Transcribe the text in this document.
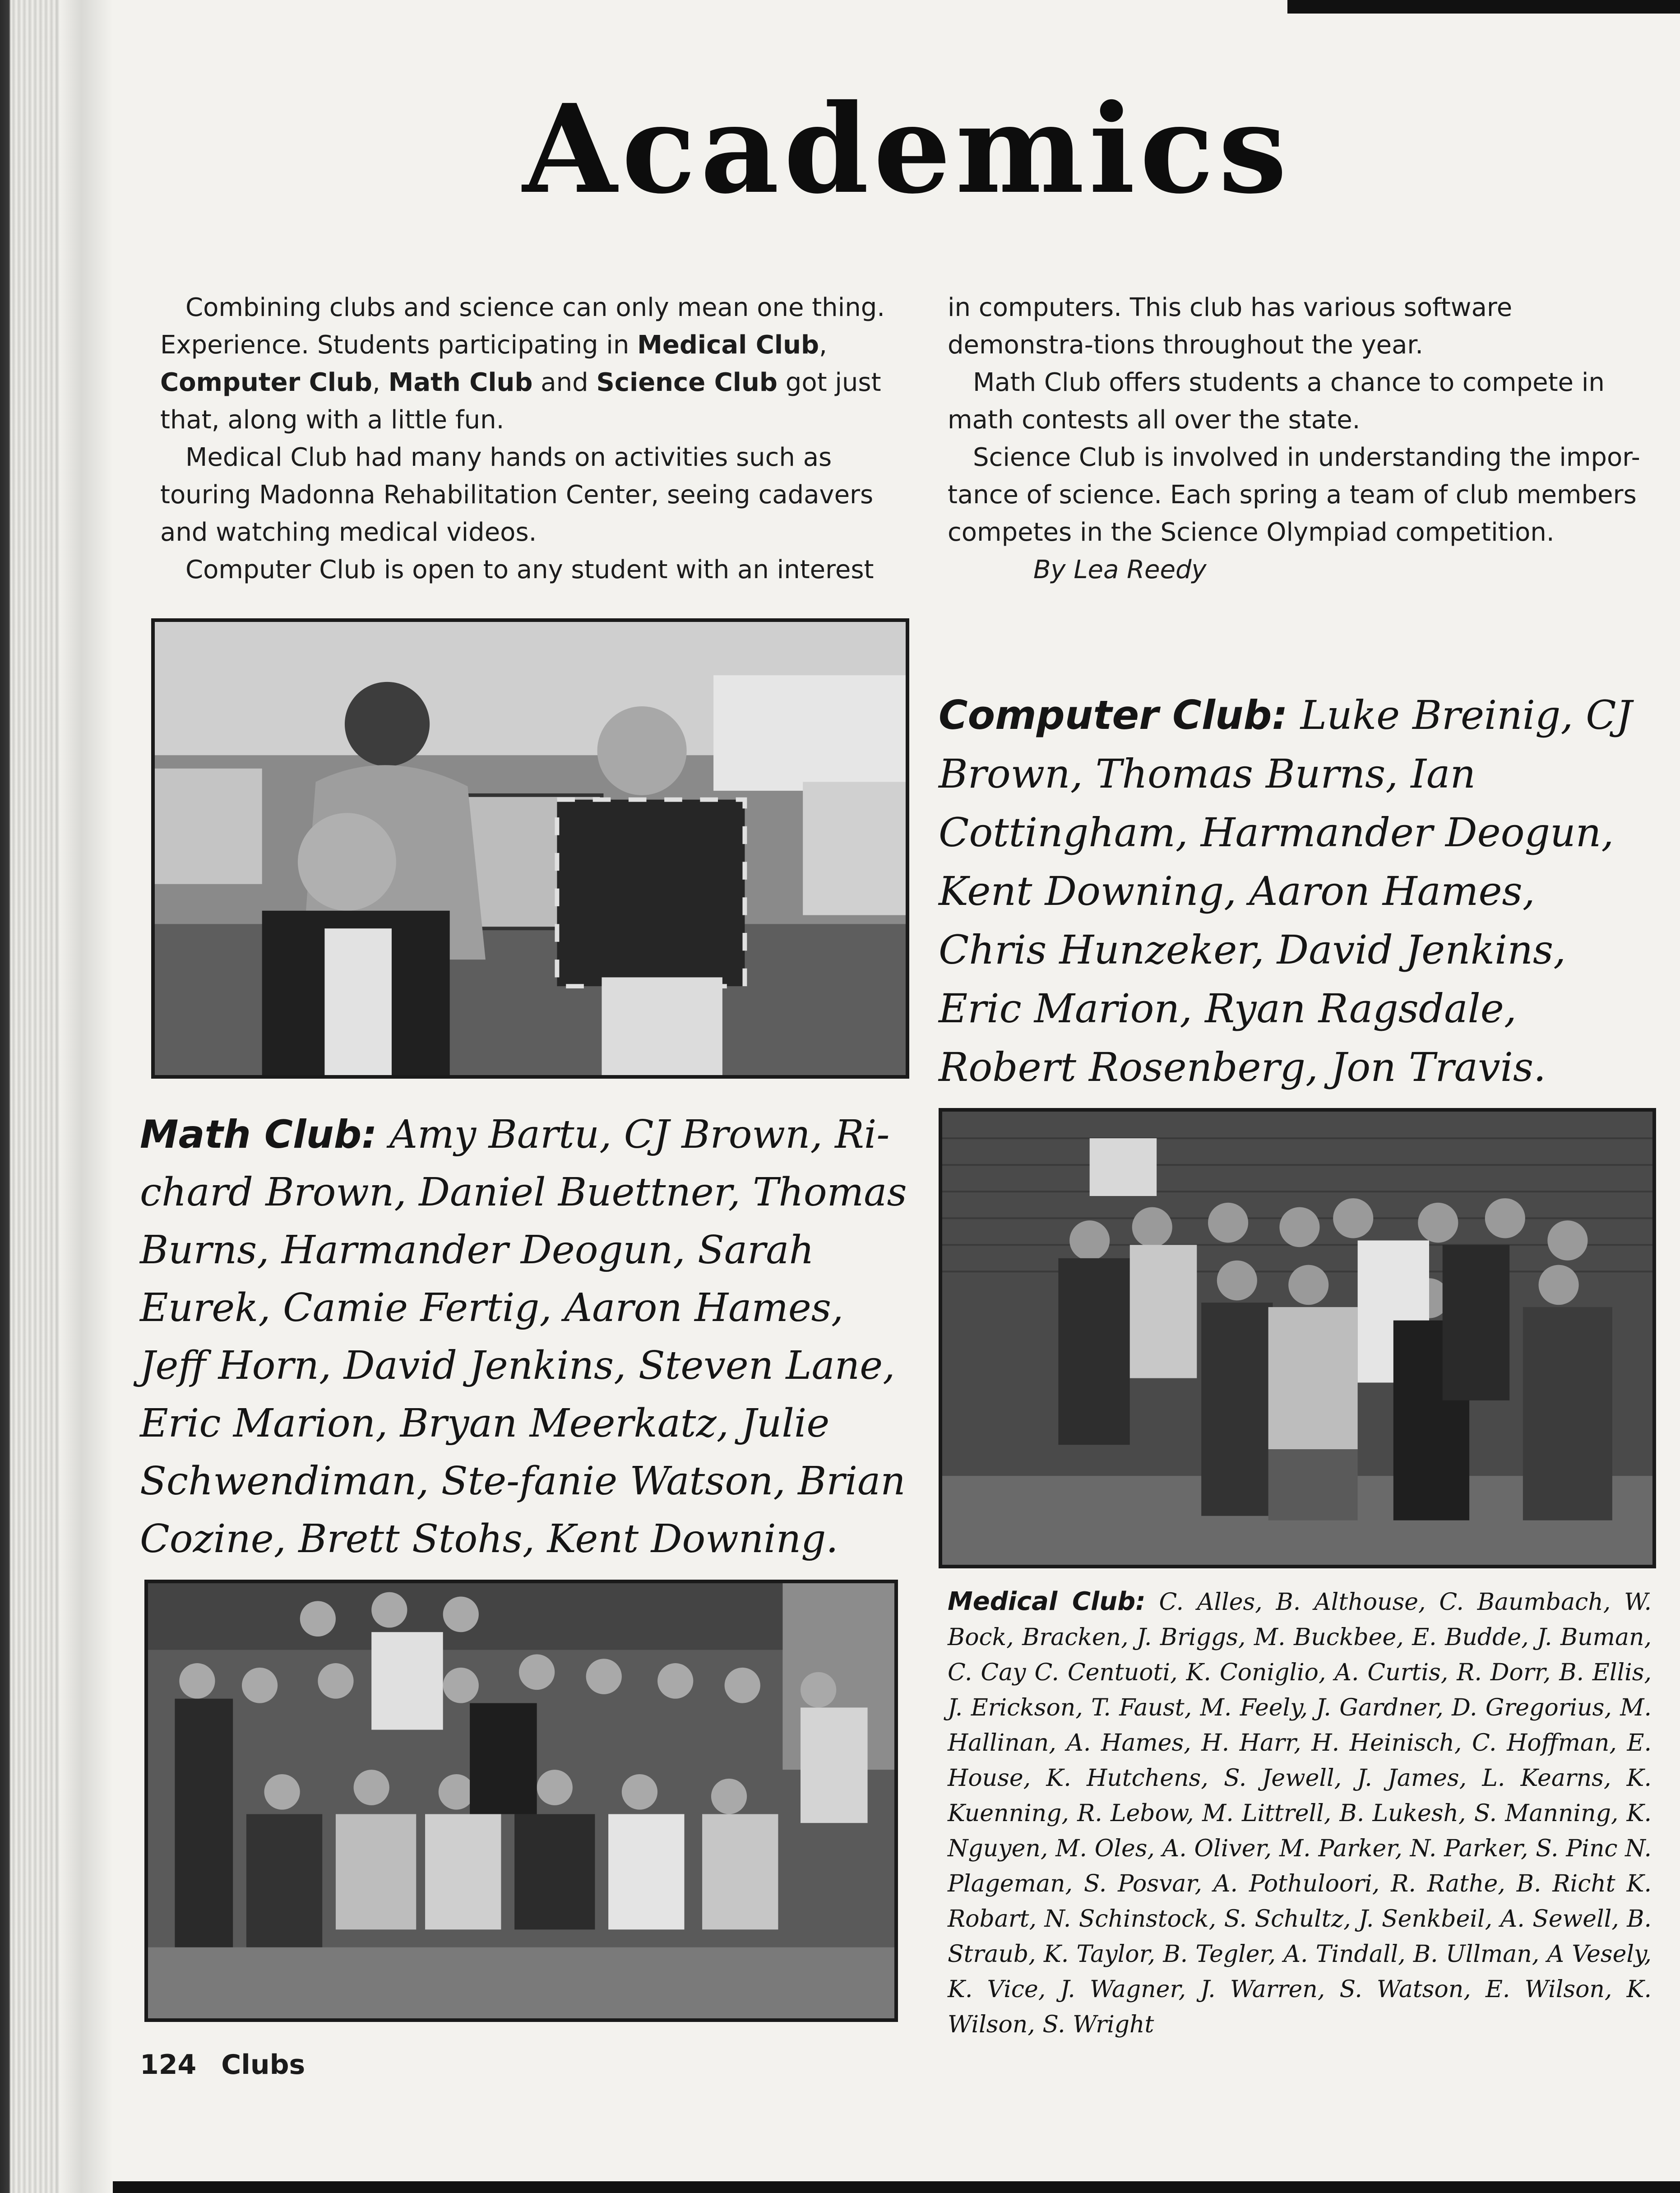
Academics

Combining clubs and science can only mean one thing. Experience. Students participating in Medical Club, Computer Club, Math Club and Science Club got just that, along with a little fun.

Medical Club had many hands on activities such as touring Madonna Rehabilitation Center, seeing cadavers and watching medical videos.

Computer Club is open to any student with an interest

in computers. This club has various software demonstra-tions throughout the year.

Math Club offers students a chance to compete in math contests all over the state.

Science Club is involved in understanding the impor-tance of science. Each spring a team of club members competes in the Science Olympiad competition.

By Lea Reedy

Computer Club: Luke Breinig, CJ Brown, Thomas Burns, Ian Cottingham, Harmander Deogun, Kent Downing, Aaron Hames, Chris Hunzeker, David Jenkins, Eric Marion, Ryan Ragsdale, Robert Rosenberg, Jon Travis.
Math Club: Amy Bartu, CJ Brown, Ri-chard Brown, Daniel Buettner, Thomas Burns, Harmander Deogun, Sarah Eurek, Camie Fertig, Aaron Hames, Jeff Horn, David Jenkins, Steven Lane, Eric Marion, Bryan Meerkatz, Julie Schwendiman, Ste-fanie Watson, Brian Cozine, Brett Stohs, Kent Downing.
Medical Club: C. Alles, B. Althouse, C. Baumbach, W. Bock, Bracken, J. Briggs, M. Buckbee, E. Budde, J. Buman, C. Cay C. Centuoti, K. Coniglio, A. Curtis, R. Dorr, B. Ellis, J. Erickson, T. Faust, M. Feely, J. Gardner, D. Gregorius, M. Hallinan, A. Hames, H. Harr, H. Heinisch, C. Hoffman, E. House, K. Hutchens, S. Jewell, J. James, L. Kearns, K. Kuenning, R. Lebow, M. Littrell, B. Lukesh, S. Manning, K. Nguyen, M. Oles, A. Oliver, M. Parker, N. Parker, S. Pinc N. Plageman, S. Posvar, A. Pothuloori, R. Rathe, B. Richt K. Robart, N. Schinstock, S. Schultz, J. Senkbeil, A. Sewell, B. Straub, K. Taylor, B. Tegler, A. Tindall, B. Ullman, A Vesely, K. Vice, J. Wagner, J. Warren, S. Watson, E. Wilson, K. Wilson, S. Wright
124 Clubs
